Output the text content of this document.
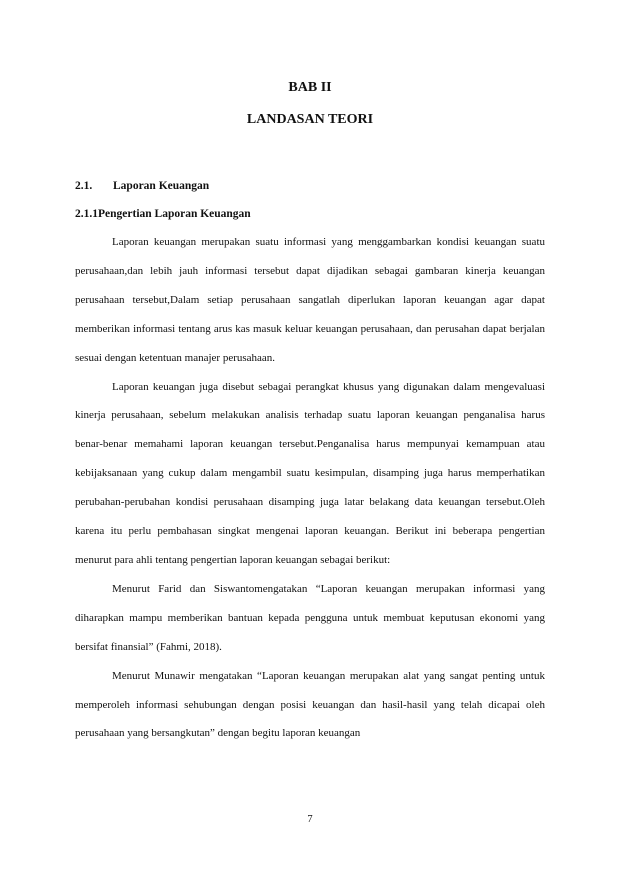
BAB II
LANDASAN TEORI
2.1. Laporan Keuangan
2.1.1Pengertian Laporan Keuangan

Laporan keuangan merupakan suatu informasi yang menggambarkan kondisi keuangan suatu perusahaan,dan lebih jauh informasi tersebut dapat dijadikan sebagai gambaran kinerja keuangan perusahaan tersebut,Dalam setiap perusahaan sangatlah diperlukan laporan keuangan agar dapat memberikan informasi tentang arus kas masuk keluar keuangan perusahaan, dan perusahan dapat berjalan sesuai dengan ketentuan manajer perusahaan.

Laporan keuangan juga disebut sebagai perangkat khusus yang digunakan dalam mengevaluasi kinerja perusahaan, sebelum melakukan analisis terhadap suatu laporan keuangan penganalisa harus benar-benar memahami laporan keuangan tersebut.Penganalisa harus mempunyai kemampuan atau kebijaksanaan yang cukup dalam mengambil suatu kesimpulan, disamping juga harus memperhatikan perubahan-perubahan kondisi perusahaan disamping juga latar belakang data keuangan tersebut.Oleh karena itu perlu pembahasan singkat mengenai laporan keuangan. Berikut ini beberapa pengertian menurut para ahli tentang pengertian laporan keuangan sebagai berikut:

Menurut Farid dan Siswantomengatakan “Laporan keuangan merupakan informasi yang diharapkan mampu memberikan bantuan kepada pengguna untuk membuat keputusan ekonomi yang bersifat finansial” (Fahmi, 2018).

Menurut Munawir mengatakan “Laporan keuangan merupakan alat yang sangat penting untuk memperoleh informasi sehubungan dengan posisi keuangan dan hasil-hasil yang telah dicapai oleh perusahaan yang bersangkutan” dengan begitu laporan keuangan

7
